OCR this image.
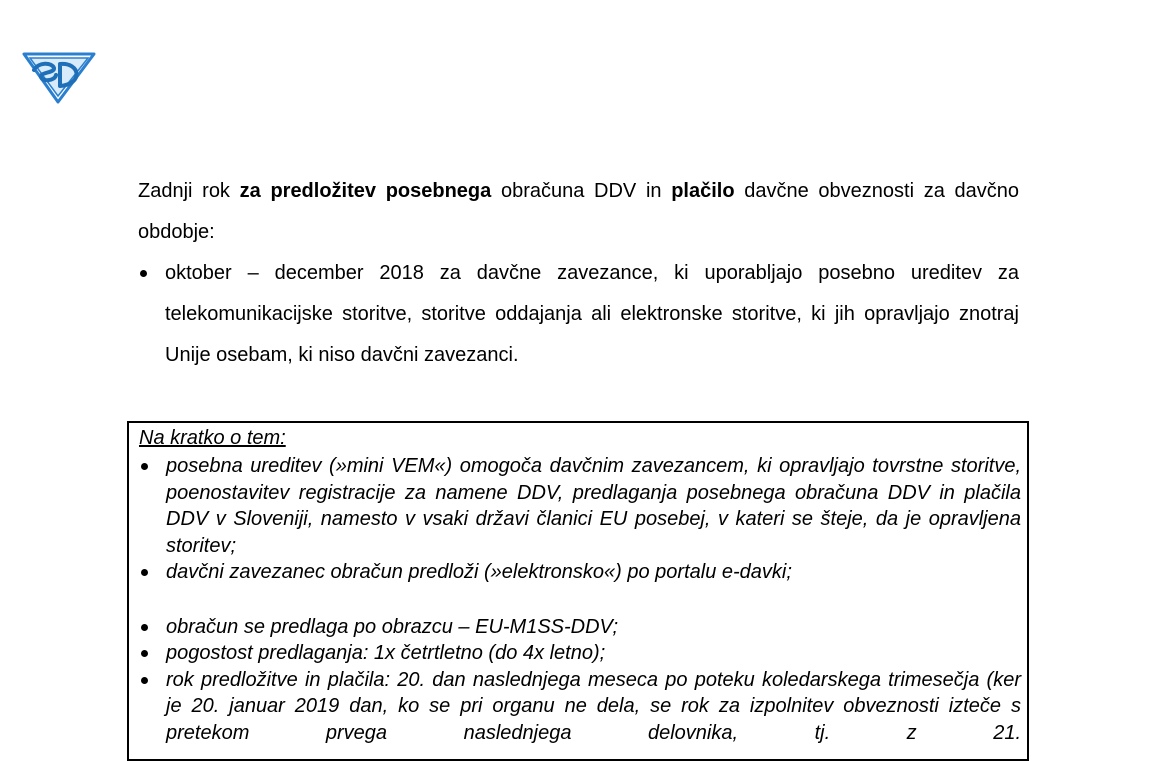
Zadnji rok za predložitev posebnega obračuna DDV in plačilo davčne obveznosti za davčno obdobje:

oktober – december 2018 za davčne zavezance, ki uporabljajo posebno ureditev za telekomunikacijske storitve, storitve oddajanja ali elektronske storitve, ki jih opravljajo znotraj Unije osebam, ki niso davčni zavezanci.
Na kratko o tem:
posebna ureditev (»mini VEM«) omogoča davčnim zavezancem, ki opravljajo tovrstne storitve, poenostavitev registracije za namene DDV, predlaganja posebnega obračuna DDV in plačila DDV v Sloveniji, namesto v vsaki državi članici EU posebej, v kateri se šteje, da je opravljena storitev;
davčni zavezanec obračun predloži (»elektronsko«) po portalu e-davki;
obračun se predlaga po obrazcu – EU-M1SS-DDV;
pogostost predlaganja: 1x četrtletno (do 4x letno);
rok predložitve in plačila: 20. dan naslednjega meseca po poteku koledarskega trimesečja (ker je 20. januar 2019 dan, ko se pri organu ne dela, se rok za izpolnitev obveznosti izteče s pretekom prvega naslednjega delovnika, tj. z 21.
